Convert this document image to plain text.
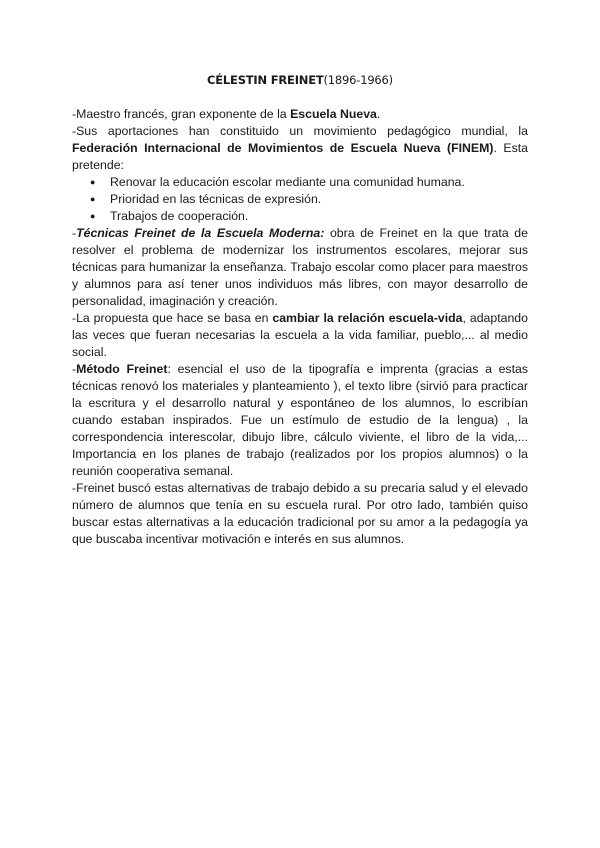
CÉLESTIN FREINET(1896-1966)

-Maestro francés, gran exponente de la Escuela Nueva.

-Sus aportaciones han constituido un movimiento pedagógico mundial, la Federación Internacional de Movimientos de Escuela Nueva (FINEM). Esta pretende:

● Renovar la educación escolar mediante una comunidad humana.
● Prioridad en las técnicas de expresión.
● Trabajos de cooperación.

-Técnicas Freinet de la Escuela Moderna: obra de Freinet en la que trata de resolver el problema de modernizar los instrumentos escolares, mejorar sus técnicas para humanizar la enseñanza. Trabajo escolar como placer para maestros y alumnos para así tener unos individuos más libres, con mayor desarrollo de personalidad, imaginación y creación.

-La propuesta que hace se basa en cambiar la relación escuela-vida, adaptando las veces que fueran necesarias la escuela a la vida familiar, pueblo,... al medio social.

-Método Freinet: esencial el uso de la tipografía e imprenta (gracias a estas técnicas renovó los materiales y planteamiento ), el texto libre (sirvió para practicar la escritura y el desarrollo natural y espontáneo de los alumnos, lo escribían cuando estaban inspirados. Fue un estímulo de estudio de la lengua) , la correspondencia interescolar, dibujo libre, cálculo viviente, el libro de la vida,... Importancia en los planes de trabajo (realizados por los propios alumnos) o la reunión cooperativa semanal.

-Freinet buscó estas alternativas de trabajo debido a su precaria salud y el elevado número de alumnos que tenía en su escuela rural. Por otro lado, también quiso buscar estas alternativas a la educación tradicional por su amor a la pedagogía ya que buscaba incentivar motivación e interés en sus alumnos.
